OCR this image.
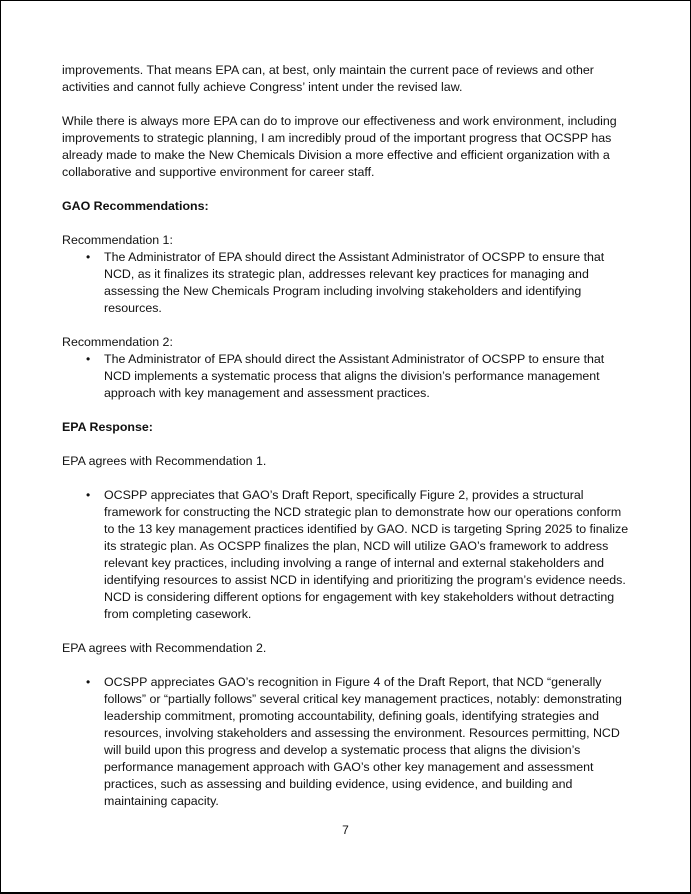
improvements. That means EPA can, at best, only maintain the current pace of reviews and other activities and cannot fully achieve Congress’ intent under the revised law.

While there is always more EPA can do to improve our effectiveness and work environment, including improvements to strategic planning, I am incredibly proud of the important progress that OCSPP has already made to make the New Chemicals Division a more effective and efficient organization with a collaborative and supportive environment for career staff.

GAO Recommendations:

Recommendation 1:

• The Administrator of EPA should direct the Assistant Administrator of OCSPP to ensure that NCD, as it finalizes its strategic plan, addresses relevant key practices for managing and assessing the New Chemicals Program including involving stakeholders and identifying resources.

Recommendation 2:

• The Administrator of EPA should direct the Assistant Administrator of OCSPP to ensure that NCD implements a systematic process that aligns the division’s performance management approach with key management and assessment practices.

EPA Response:

EPA agrees with Recommendation 1.

• OCSPP appreciates that GAO’s Draft Report, specifically Figure 2, provides a structural framework for constructing the NCD strategic plan to demonstrate how our operations conform to the 13 key management practices identified by GAO. NCD is targeting Spring 2025 to finalize its strategic plan. As OCSPP finalizes the plan, NCD will utilize GAO’s framework to address relevant key practices, including involving a range of internal and external stakeholders and identifying resources to assist NCD in identifying and prioritizing the program’s evidence needs. NCD is considering different options for engagement with key stakeholders without detracting from completing casework.

EPA agrees with Recommendation 2.

• OCSPP appreciates GAO’s recognition in Figure 4 of the Draft Report, that NCD “generally follows” or “partially follows” several critical key management practices, notably: demonstrating leadership commitment, promoting accountability, defining goals, identifying strategies and resources, involving stakeholders and assessing the environment. Resources permitting, NCD will build upon this progress and develop a systematic process that aligns the division’s performance management approach with GAO’s other key management and assessment practices, such as assessing and building evidence, using evidence, and building and maintaining capacity.
7
